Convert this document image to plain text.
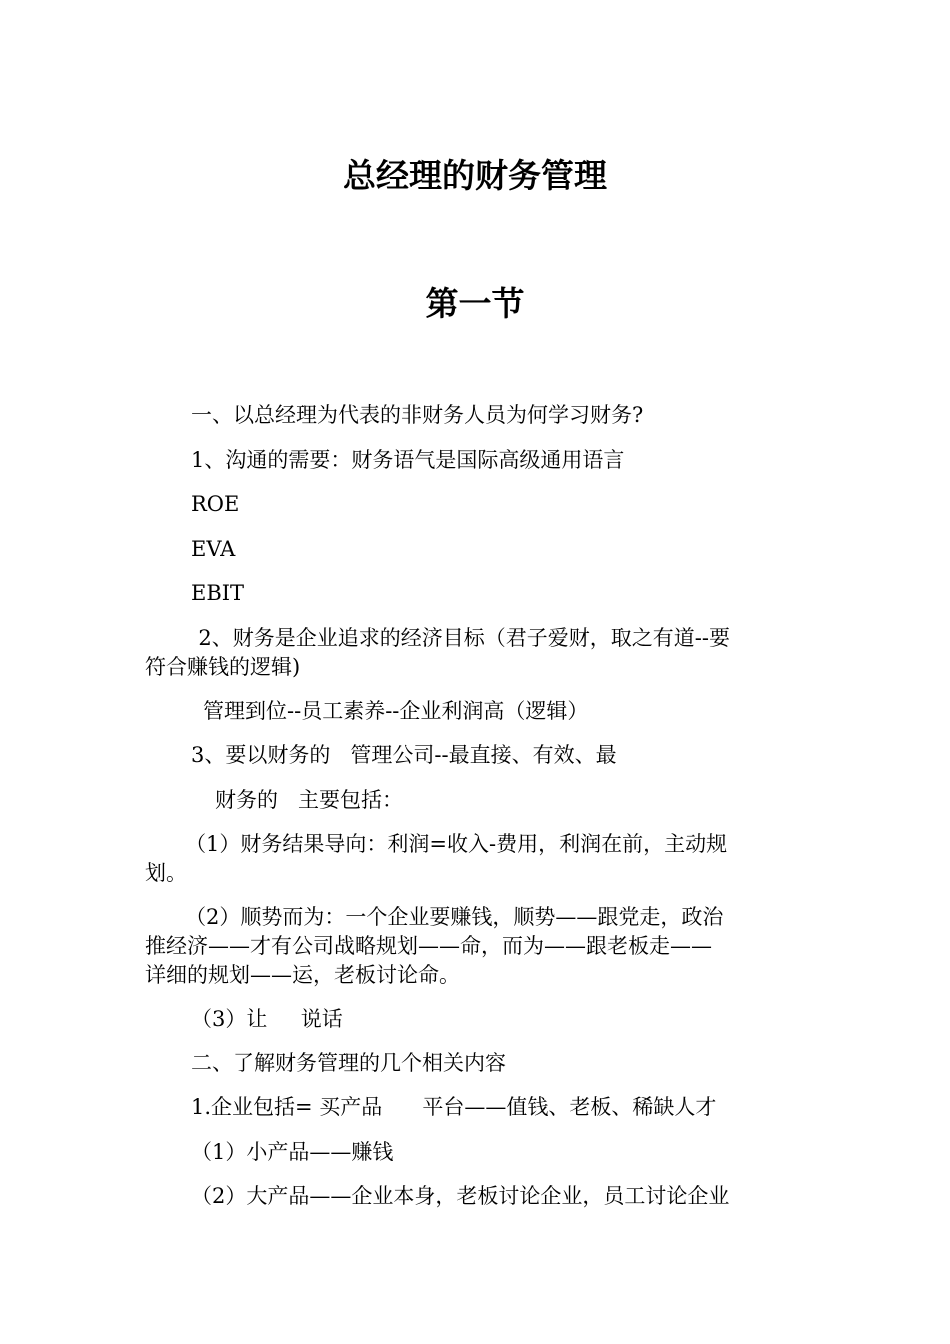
总经理的财务管理
第一节

一、以总经理为代表的非财务人员为何学习财务?

1、沟通的需要：财务语气是国际高级通用语言

ROE

EVA

EBIT

2、财务是企业追求的经济目标（君子爱财，取之有道--要
符合赚钱的逻辑)

管理到位--员工素养--企业利润高（逻辑）

3、要以财务的   管理公司--最直接、有效、最

财务的   主要包括：

（1）财务结果导向：利润=收入-费用，利润在前，主动规
划。

（2）顺势而为：一个企业要赚钱，顺势——跟党走，政治
推经济——才有公司战略规划——命，而为——跟老板走——
详细的规划——运，老板讨论命。

（3）让     说话

二、了解财务管理的几个相关内容

1.企业包括= 买产品      平台——值钱、老板、稀缺人才

（1）小产品——赚钱

（2）大产品——企业本身，老板讨论企业，员工讨论企业
